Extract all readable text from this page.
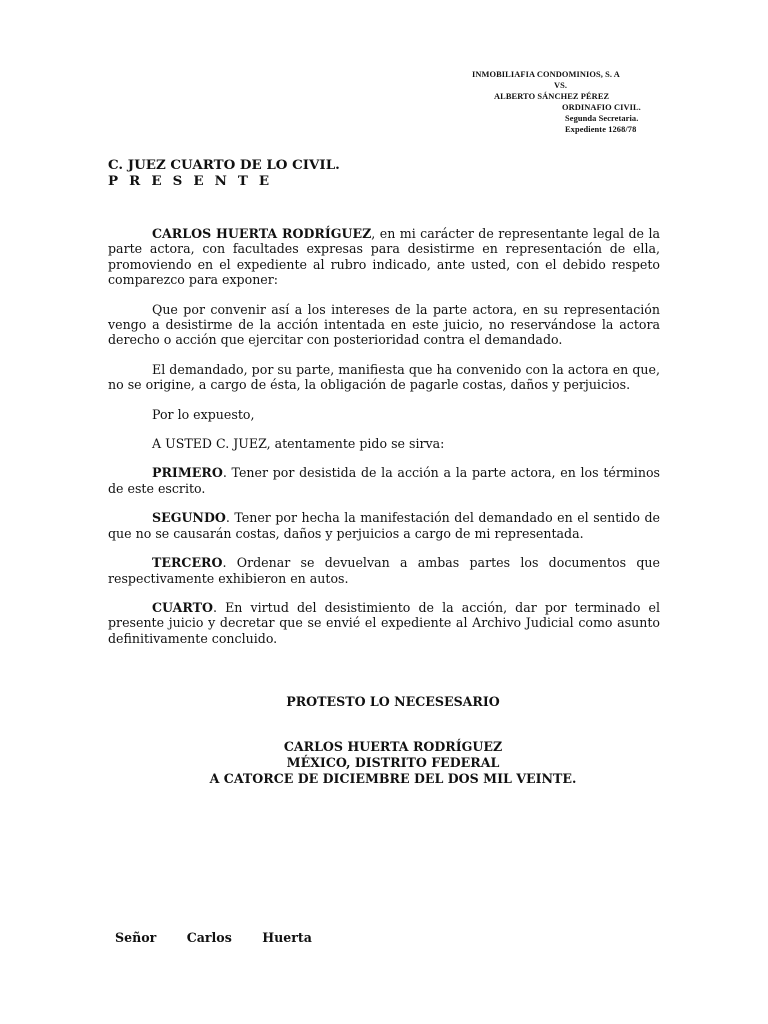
INMOBILIAFIA CONDOMINIOS, S. A
VS.
ALBERTO SÁNCHEZ PÉREZ
ORDINAFIO CIVIL.
Segunda Secretaria.
Expediente 1268/78
C. JUEZ CUARTO DE LO CIVIL.
P R E S E N T E

CARLOS HUERTA RODRÍGUEZ, en mi carácter de representante legal de la parte actora, con facultades expresas para desistirme en representación de ella, promoviendo en el expediente al rubro indicado, ante usted, con el debido respeto comparezco para exponer:

Que por convenir así a los intereses de la parte actora, en su representación vengo a desistirme de la acción intentada en este juicio, no reservándose la actora derecho o acción que ejercitar con posterioridad contra el demandado.

El demandado, por su parte, manifiesta que ha convenido con la actora en que, no se origine, a cargo de ésta, la obligación de pagarle costas, daños y perjuicios.

Por lo expuesto,

A USTED C. JUEZ, atentamente pido se sirva:

PRIMERO. Tener por desistida de la acción a la parte actora, en los términos de este escrito.

SEGUNDO. Tener por hecha la manifestación del demandado en el sentido de que no se causarán costas, daños y perjuicios a cargo de mi representada.

TERCERO. Ordenar se devuelvan a ambas partes los documentos que respectivamente exhibieron en autos.

CUARTO. En virtud del desistimiento de la acción, dar por terminado el presente juicio y decretar que se envié el expediente al Archivo Judicial como asunto definitivamente concluido.

PROTESTO LO NECESESARIO
CARLOS HUERTA RODRÍGUEZ
MÉXICO, DISTRITO FEDERAL
A CATORCE DE DICIEMBRE DEL DOS MIL VEINTE.
Señor Carlos Huerta
